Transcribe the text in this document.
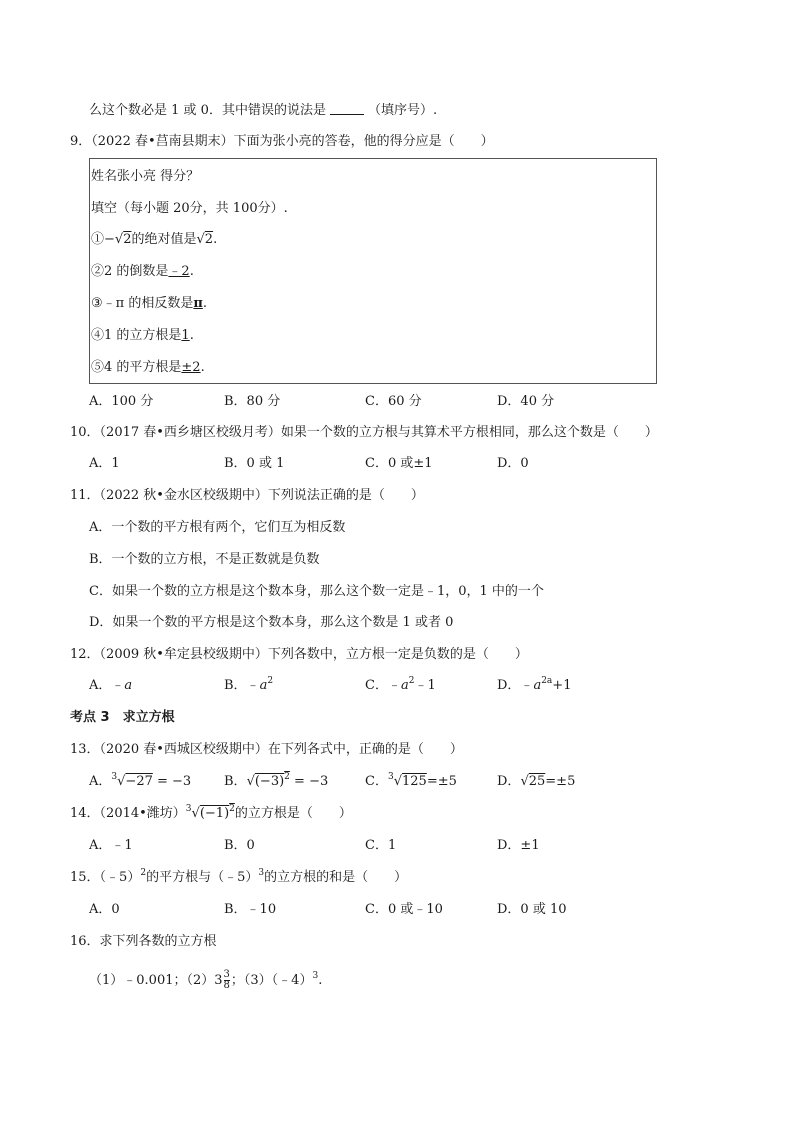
么这个数必是 1 或 0．其中错误的说法是	（填序号）.
9．（2022 春•莒南县期末）下面为张小亮的答卷，他的得分应是（　　）
姓名张小亮 得分？
填空（每小题 20分，共 100分）.
①−√2的绝对值是√2.
②2 的倒数是﹣2.
③﹣π 的相反数是π.
④1 的立方根是1.
⑤4 的平方根是±2.
A．100 分	B．80 分	C．60 分	D．40 分
10．（2017 春•西乡塘区校级月考）如果一个数的立方根与其算术平方根相同，那么这个数是（　　）
A．1	B．0 或 1	C．0 或±1	D．0
11．（2022 秋•金水区校级期中）下列说法正确的是（　　）
A．一个数的平方根有两个，它们互为相反数
B．一个数的立方根，不是正数就是负数
C．如果一个数的立方根是这个数本身，那么这个数一定是﹣1，0，1 中的一个
D．如果一个数的平方根是这个数本身，那么这个数是 1 或者 0
12．（2009 秋•牟定县校级期中）下列各数中，立方根一定是负数的是（　　）
A．﹣a	B．$﹣a^2$	C．$﹣a^2﹣1$	D．$﹣a^{2a}+1$
考点 3　求立方根
13．（2020 春•西城区校级期中）在下列各式中，正确的是（　　）
A．$^3$√−27 = −3	B．$√(-3)^2 = -3$	C．$^3$√125=±5	D．√25=±5
14．（2014•潍坊）$^3√(-1)^2$的立方根是（　　）
A．﹣1	B．0	C．1	D．±1
15．（﹣5）$^2$的平方根与（﹣5）$^3$的立方根的和是（　　）
A．0	B．﹣10	C．0 或﹣10	D．0 或 10
16．求下列各数的立方根
（1）﹣0.001；$(2)3 \frac{3}{8}$ ；（3）（﹣4）$^3$.
